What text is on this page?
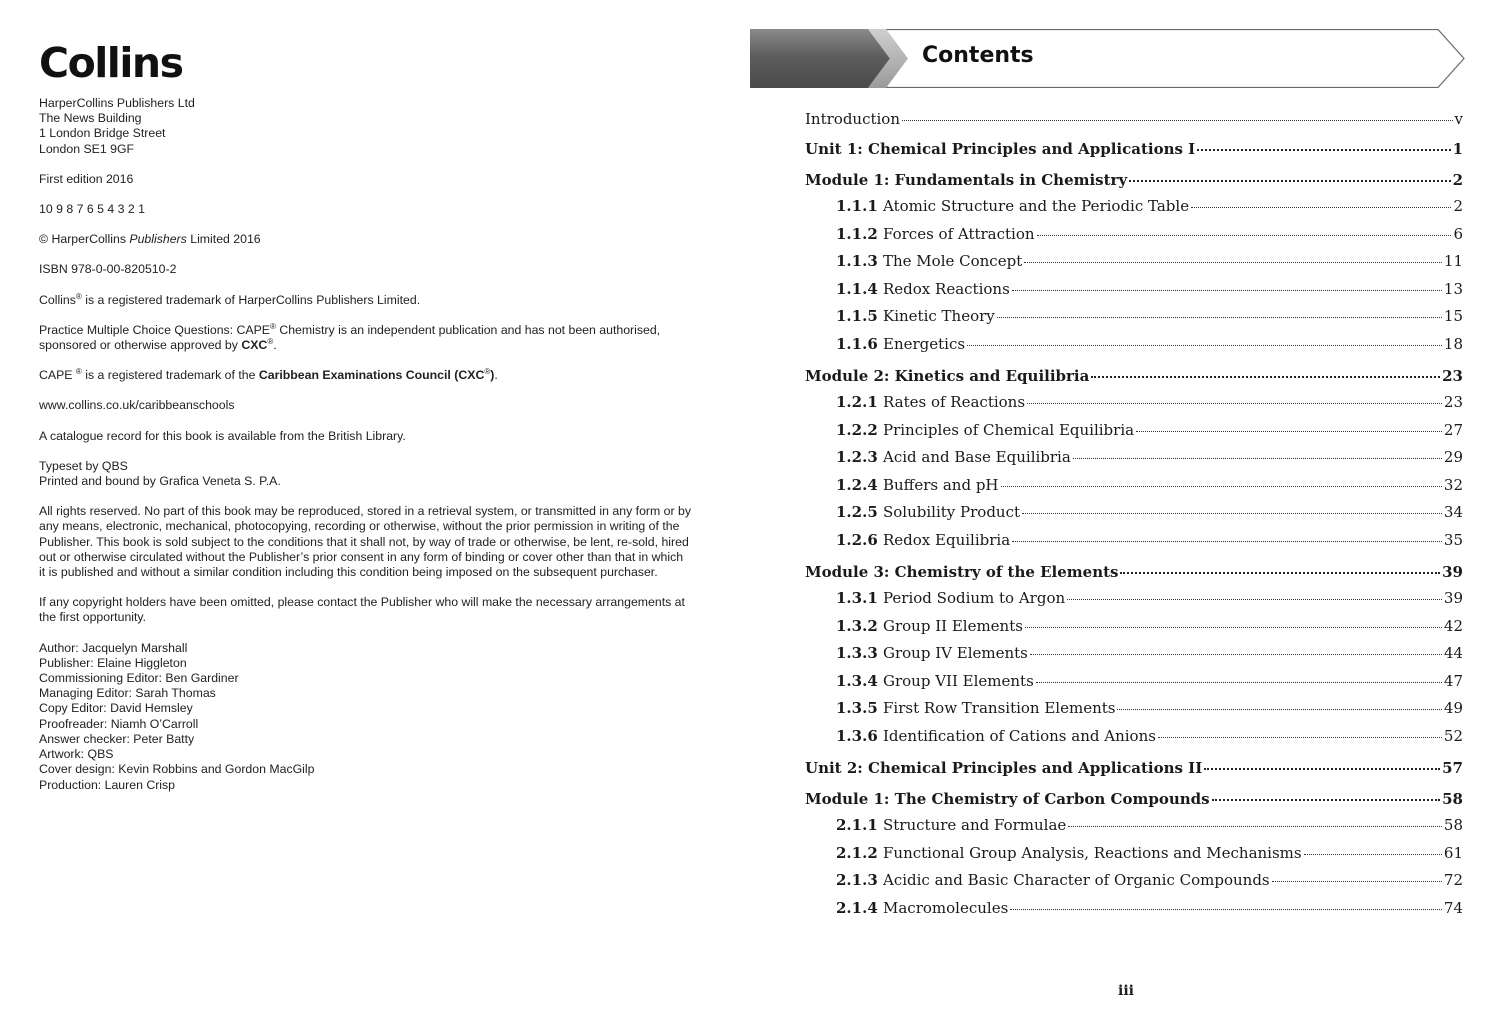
Collins
HarperCollins Publishers Ltd
The News Building
1 London Bridge Street
London SE1 9GF
First edition 2016
10 9 8 7 6 5 4 3 2 1
© HarperCollins Publishers Limited 2016
ISBN 978-0-00-820510-2
Collins® is a registered trademark of HarperCollins Publishers Limited.
Practice Multiple Choice Questions: CAPE® Chemistry is an independent publication and has not been authorised, sponsored or otherwise approved by CXC®.
CAPE ® is a registered trademark of the Caribbean Examinations Council (CXC®).
www.collins.co.uk/caribbeanschools
A catalogue record for this book is available from the British Library.
Typeset by QBS
Printed and bound by Grafica Veneta S. P.A.
All rights reserved. No part of this book may be reproduced, stored in a retrieval system, or transmitted in any form or by any means, electronic, mechanical, photocopying, recording or otherwise, without the prior permission in writing of the Publisher. This book is sold subject to the conditions that it shall not, by way of trade or otherwise, be lent, re-sold, hired out or otherwise circulated without the Publisher’s prior consent in any form of binding or cover other than that in which it is published and without a similar condition including this condition being imposed on the subsequent purchaser.
If any copyright holders have been omitted, please contact the Publisher who will make the necessary arrangements at the first opportunity.
Author: Jacquelyn Marshall
Publisher: Elaine Higgleton
Commissioning Editor: Ben Gardiner
Managing Editor: Sarah Thomas
Copy Editor: David Hemsley
Proofreader: Niamh O’Carroll
Answer checker: Peter Batty
Artwork: QBS
Cover design: Kevin Robbins and Gordon MacGilp
Production: Lauren Crisp
Contents
Introduction	v
Unit 1: Chemical Principles and Applications I	1
Module 1: Fundamentals in Chemistry	2
1.1.1 Atomic Structure and the Periodic Table	2
1.1.2 Forces of Attraction	6
1.1.3 The Mole Concept	11
1.1.4 Redox Reactions	13
1.1.5 Kinetic Theory	15
1.1.6 Energetics	18
Module 2: Kinetics and Equilibria	23
1.2.1 Rates of Reactions	23
1.2.2 Principles of Chemical Equilibria	27
1.2.3 Acid and Base Equilibria	29
1.2.4 Buffers and pH	32
1.2.5 Solubility Product	34
1.2.6 Redox Equilibria	35
Module 3: Chemistry of the Elements	39
1.3.1 Period Sodium to Argon	39
1.3.2 Group II Elements	42
1.3.3 Group IV Elements	44
1.3.4 Group VII Elements	47
1.3.5 First Row Transition Elements	49
1.3.6 Identification of Cations and Anions	52
Unit 2: Chemical Principles and Applications II	57
Module 1: The Chemistry of Carbon Compounds	58
2.1.1 Structure and Formulae	58
2.1.2 Functional Group Analysis, Reactions and Mechanisms	61
2.1.3 Acidic and Basic Character of Organic Compounds	72
2.1.4 Macromolecules	74
iii
